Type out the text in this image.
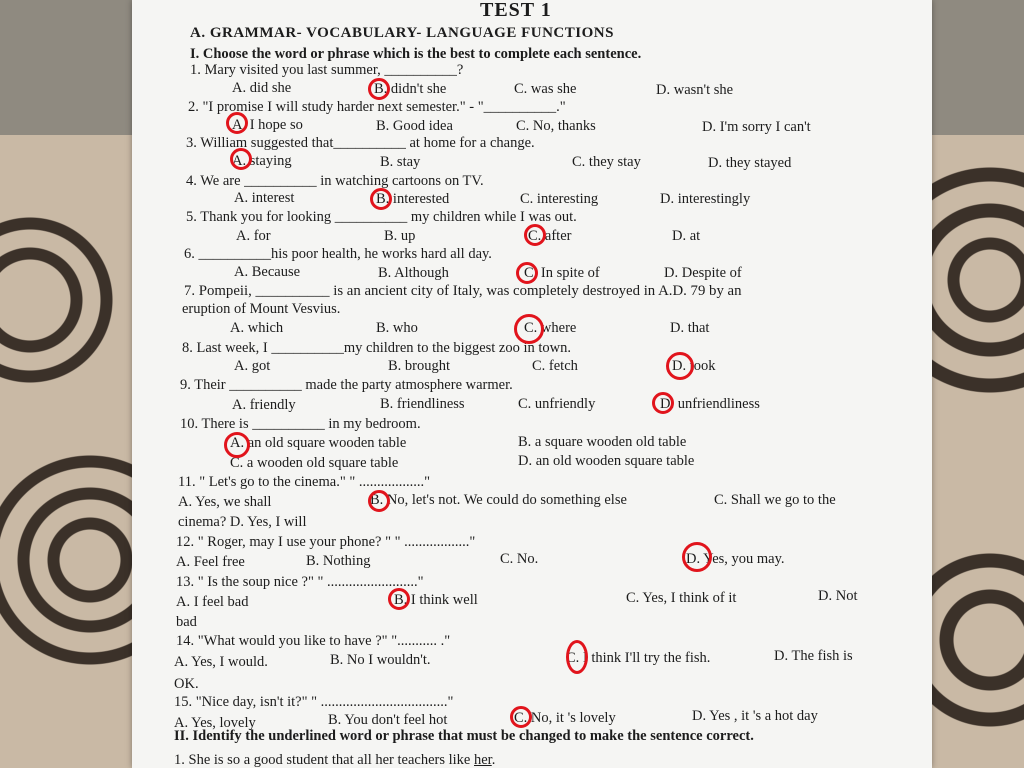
TEST 1
A. GRAMMAR- VOCABULARY- LANGUAGE FUNCTIONS
I. Choose the word or phrase which is the best to complete each sentence.
1. Mary visited you last summer, __________?
A. did she	B. didn't she	C. was she	D. wasn't she
2. "I promise I will study harder next semester." - "__________."
A. I hope so	B. Good idea	C. No, thanks	D. I'm sorry I can't
3. William suggested that__________ at home for a change.
A. staying	B. stay	C. they stay	D. they stayed
4. We are __________ in watching cartoons on TV.
A. interest	B. interested	C. interesting	D. interestingly
5. Thank you for looking __________ my children while I was out.
A. for	B. up	C. after	D. at
6. __________his poor health, he works hard all day.
A. Because	B. Although	C. In spite of	D. Despite of
7. Pompeii, __________ is an ancient city of Italy, was completely destroyed in A.D. 79 by an
eruption of Mount Vesvius.
A. which	B. who	C. where	D. that
8. Last week, I __________my children to the biggest zoo in town.
A. got	B. brought	C. fetch	D. took
9. Their __________ made the party atmosphere warmer.
A. friendly	B. friendliness	C. unfriendly	D. unfriendliness
10. There is __________ in my bedroom.
A. an old square wooden table	B. a square wooden old table
C. a wooden old square table	D. an old wooden square table
11. " Let's go to the cinema." " .................."
A. Yes, we shall	B. No, let's not. We could do something else	C. Shall we go to the
cinema? D. Yes, I will
12. " Roger, may I use your phone? " " .................."
A. Feel free	B. Nothing	C. No.	D. Yes, you may.
13. " Is the soup nice ?" " ........................."
A. I feel bad	B. I think well	C. Yes, I think of it	D. Not
bad
14. "What would you like to have ?" "........... ."
A. Yes, I would.	B. No I wouldn't.	C. I think I'll try the fish.	D. The fish is
OK.
15. "Nice day, isn't it?" " ..................................."
A. Yes, lovely	B. You don't feel hot	C. No, it 's lovely	D. Yes , it 's a hot day
II. Identify the underlined word or phrase that must be changed to make the sentence correct.
1. She is so a good student that all her teachers like her.
